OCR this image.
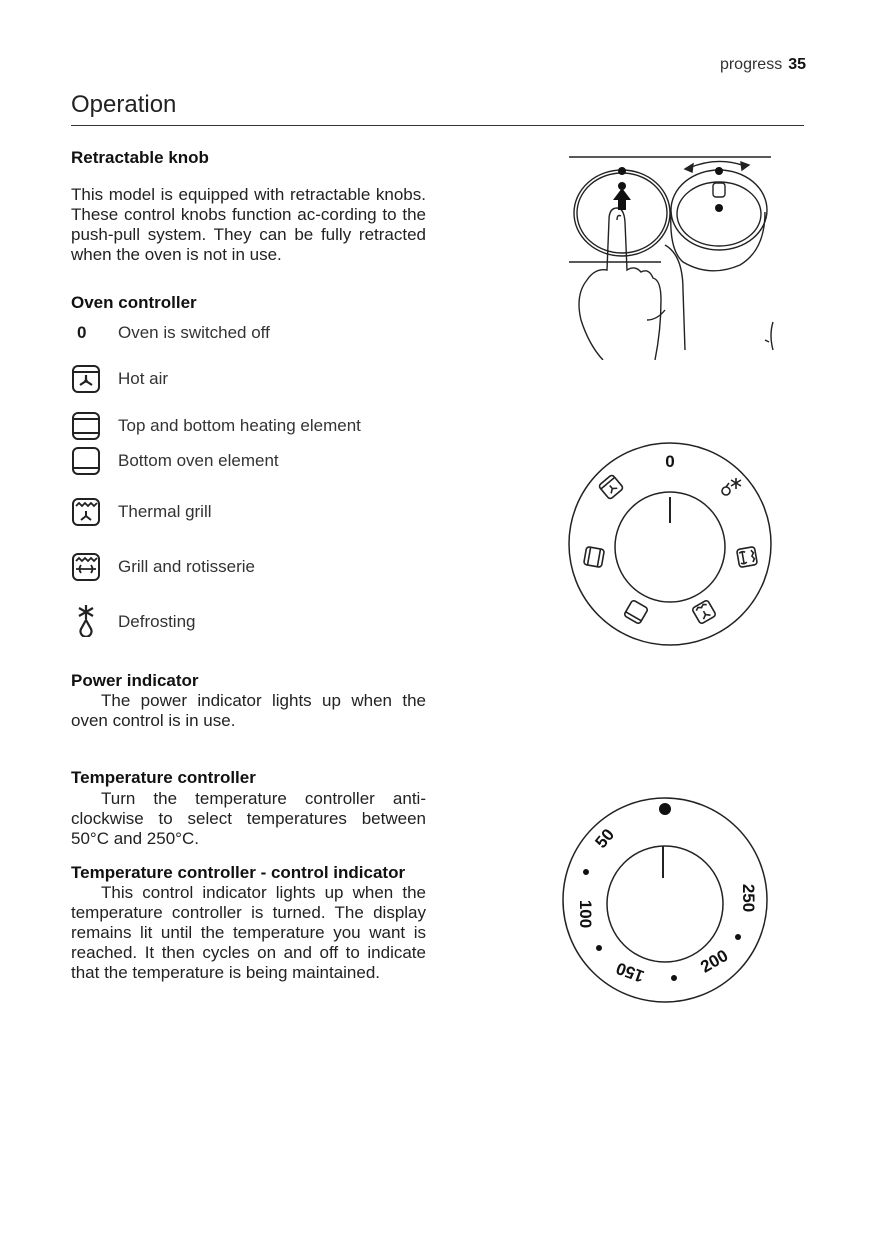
progress 35
Operation
Retractable knob
This model is equipped with retractable knobs. These control knobs function ac-cording to the push-pull system. They can be fully retracted when the oven is not in use.
Oven controller
0 Oven is switched off
Hot air
Top and bottom heating element
Bottom oven element
Thermal grill
Grill and rotisserie
Defrosting
Power indicator
The power indicator lights up when the oven control is in use.
Temperature controller
Turn the temperature controller anti-clockwise to select temperatures between 50°C and 250°C.
Temperature controller - control indicator
This control indicator lights up when the temperature controller is turned. The display remains lit until the temperature you want is reached. It then cycles on and off to indicate that the temperature is being maintained.
0
50
100
150	200
250
